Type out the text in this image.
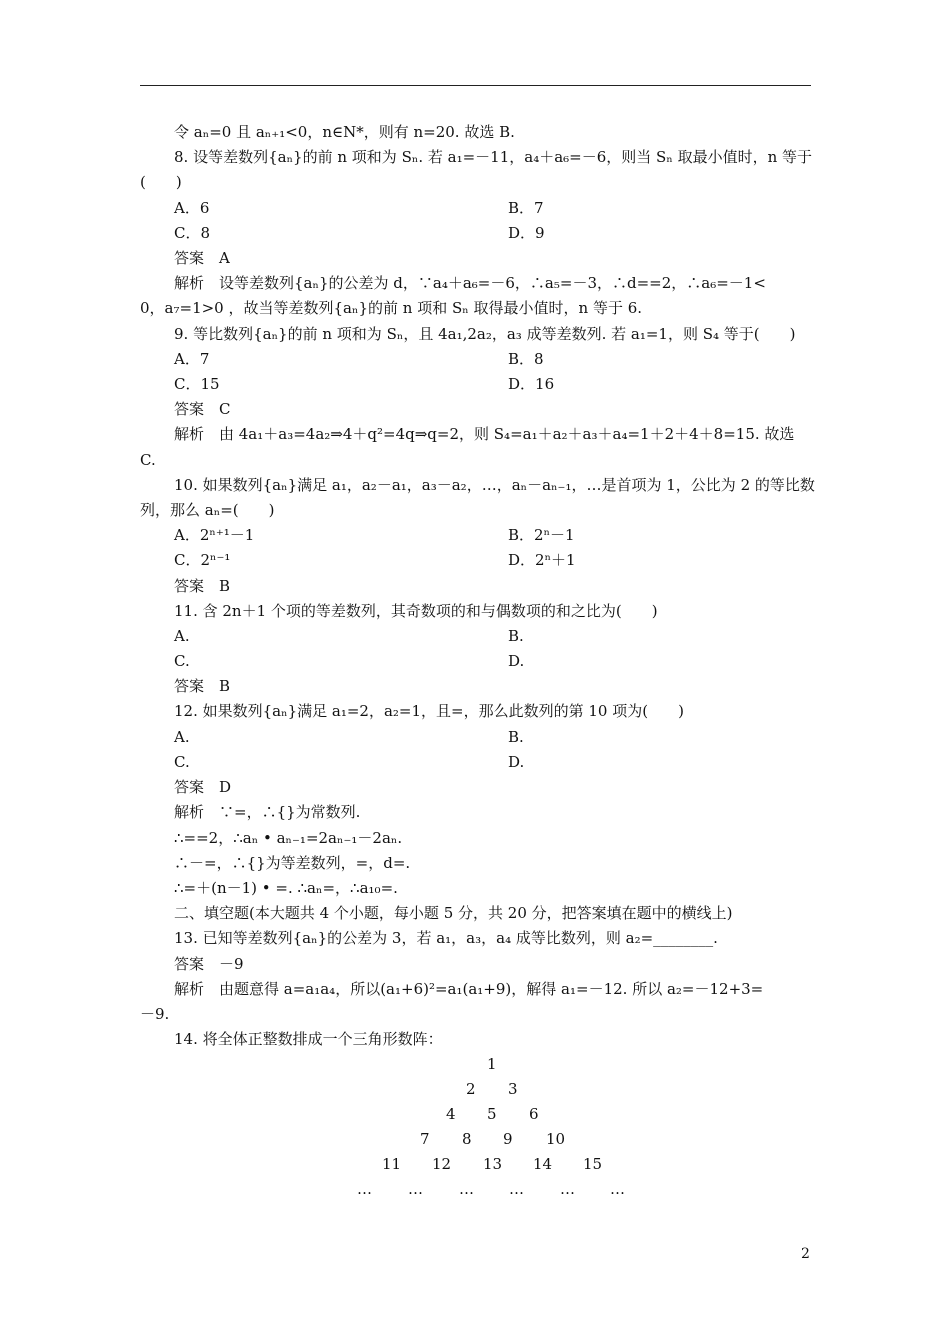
令 aₙ=0 且 aₙ₊₁<0，n∈N*，则有 n=20. 故选 B.
8. 设等差数列{aₙ}的前 n 项和为 Sₙ. 若 a₁=－11，a₄＋a₆=－6，则当 Sₙ 取最小值时，n 等于
(　　)
A．6	B．7
C．8	D．9
答案　A
解析　设等差数列{aₙ}的公差为 d，∵a₄＋a₆=－6，∴a₅=－3，∴d==2，∴a₆=－1<
0，a₇=1>0 ，故当等差数列{aₙ}的前 n 项和 Sₙ 取得最小值时，n 等于 6.
9. 等比数列{aₙ}的前 n 项和为 Sₙ，且 4a₁,2a₂，a₃ 成等差数列. 若 a₁=1，则 S₄ 等于(　　)
A．7	B．8
C．15	D．16
答案　C
解析　由 4a₁＋a₃=4a₂⇒4＋q²=4q⇒q=2，则 S₄=a₁＋a₂＋a₃＋a₄=1＋2＋4＋8=15. 故选
C.
10. 如果数列{aₙ}满足 a₁，a₂－a₁，a₃－a₂，…，aₙ－aₙ₋₁，…是首项为 1，公比为 2 的等比数
列，那么 aₙ=(　　)
A．2ⁿ⁺¹－1	B．2ⁿ－1
C．2ⁿ⁻¹	D．2ⁿ＋1
答案　B
11. 含 2n＋1 个项的等差数列，其奇数项的和与偶数项的和之比为(　　)
A.	B.
C.	D.
答案　B
12. 如果数列{aₙ}满足 a₁=2，a₂=1，且=，那么此数列的第 10 项为(　　)
A.	B.
C.	D.
答案　D
解析　∵=，∴{}为常数列.
∴==2，∴aₙ • aₙ₋₁=2aₙ₋₁－2aₙ.
∴－=，∴{}为等差数列，=，d=.
∴=＋(n－1) • =. ∴aₙ=，∴a₁₀=.
二、填空题(本大题共 4 个小题，每小题 5 分，共 20 分，把答案填在题中的横线上)
13. 已知等差数列{aₙ}的公差为 3，若 a₁，a₃，a₄ 成等比数列，则 a₂=________.
答案　－9
解析　由题意得 a=a₁a₄，所以(a₁+6)²=a₁(a₁+9)，解得 a₁=－12. 所以 a₂=－12+3=
－9.
14. 将全体正整数排成一个三角形数阵：
1
2 3
4 5 6
7 8 9 10
11 12 13 14 15
… … … … … …
2
